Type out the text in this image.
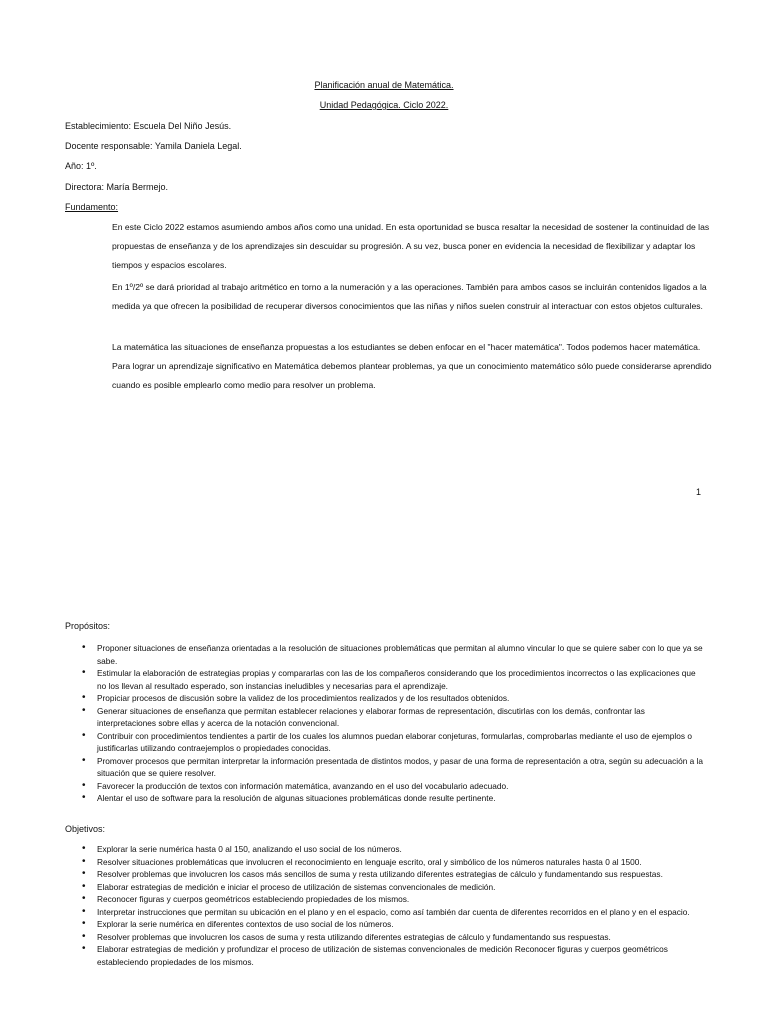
Planificación anual de Matemática.
Unidad Pedagógica. Ciclo 2022.
Establecimiento: Escuela Del Niño Jesús.
Docente responsable: Yamila Daniela Legal.
Año: 1º.
Directora: María Bermejo.
Fundamento:

En este Ciclo 2022 estamos asumiendo ambos años como una unidad. En esta oportunidad se busca resaltar la necesidad de sostener la continuidad de las propuestas de enseñanza y de los aprendizajes sin descuidar su progresión. A su vez, busca poner en evidencia la necesidad de flexibilizar y adaptar los tiempos y espacios escolares.

En 1º/2º se dará prioridad al trabajo aritmético en torno a la numeración y a las operaciones. También para ambos casos se incluirán contenidos ligados a la medida ya que ofrecen la posibilidad de recuperar diversos conocimientos que las niñas y niños suelen construir al interactuar con estos objetos culturales.

La matemática las situaciones de enseñanza propuestas a los estudiantes se deben enfocar en el "hacer matemática". Todos podemos hacer matemática. Para lograr un aprendizaje significativo en Matemática debemos plantear problemas, ya que un conocimiento matemático sólo puede considerarse aprendido cuando es posible emplearlo como medio para resolver un problema.

1
Propósitos:
• Proponer situaciones de enseñanza orientadas a la resolución de situaciones problemáticas que permitan al alumno vincular lo que se quiere saber con lo que ya se sabe.
• Estimular la elaboración de estrategias propias y compararlas con las de los compañeros considerando que los procedimientos incorrectos o las explicaciones que no los llevan al resultado esperado, son instancias ineludibles y necesarias para el aprendizaje.
• Propiciar procesos de discusión sobre la validez de los procedimientos realizados y de los resultados obtenidos.
• Generar situaciones de enseñanza que permitan establecer relaciones y elaborar formas de representación, discutirlas con los demás, confrontar las interpretaciones sobre ellas y acerca de la notación convencional.
• Contribuir con procedimientos tendientes a partir de los cuales los alumnos puedan elaborar conjeturas, formularlas, comprobarlas mediante el uso de ejemplos o justificarlas utilizando contraejemplos o propiedades conocidas.
• Promover procesos que permitan interpretar la información presentada de distintos modos, y pasar de una forma de representación a otra, según su adecuación a la situación que se quiere resolver.
• Favorecer la producción de textos con información matemática, avanzando en el uso del vocabulario adecuado.
• Alentar el uso de software para la resolución de algunas situaciones problemáticas donde resulte pertinente.
Objetivos:
• Explorar la serie numérica hasta 0 al 150, analizando el uso social de los números.
• Resolver situaciones problemáticas que involucren el reconocimiento en lenguaje escrito, oral y simbólico de los números naturales hasta 0 al 1500.
• Resolver problemas que involucren los casos más sencillos de suma y resta utilizando diferentes estrategias de cálculo y fundamentando sus respuestas.
• Elaborar estrategias de medición e iniciar el proceso de utilización de sistemas convencionales de medición.
• Reconocer figuras y cuerpos geométricos estableciendo propiedades de los mismos.
• Interpretar instrucciones que permitan su ubicación en el plano y en el espacio, como así también dar cuenta de diferentes recorridos en el plano y en el espacio.
• Explorar la serie numérica en diferentes contextos de uso social de los números.
• Resolver problemas que involucren los casos de suma y resta utilizando diferentes estrategias de cálculo y fundamentando sus respuestas.
• Elaborar estrategias de medición y profundizar el proceso de utilización de sistemas convencionales de medición Reconocer figuras y cuerpos geométricos estableciendo propiedades de los mismos.
